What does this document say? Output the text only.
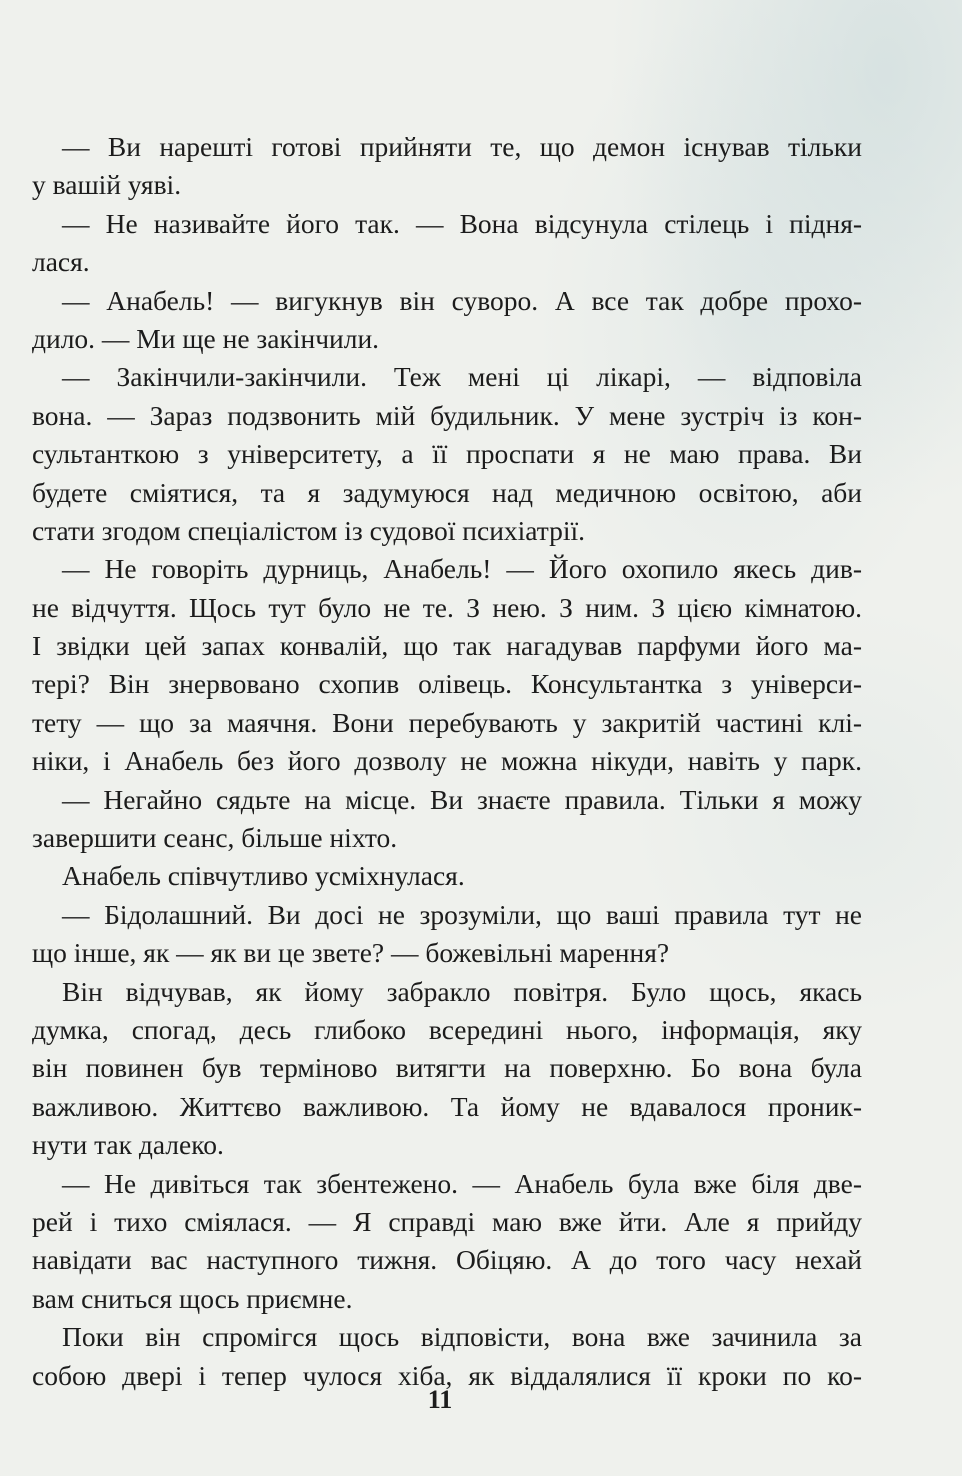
— Ви нарешті готові прийняти те, що демон існував тільки
у вашій уяві.
— Не називайте його так. — Вона відсунула стілець і підня-
лася.
— Анабель! — вигукнув він суворо. А все так добре прохо-
дило. — Ми ще не закінчили.
— Закінчили-закінчили. Теж мені ці лікарі, — відповіла
вона. — Зараз подзвонить мій будильник. У мене зустріч із кон-
сультанткою з університету, а її проспати я не маю права. Ви
будете сміятися, та я задумуюся над медичною освітою, аби
стати згодом спеціалістом із судової психіатрії.
— Не говоріть дурниць, Анабель! — Його охопило якесь див-
не відчуття. Щось тут було не те. З нею. З ним. З цією кімнатою.
І звідки цей запах конвалій, що так нагадував парфуми його ма-
тері? Він знервовано схопив олівець. Консультантка з універси-
тету — що за маячня. Вони перебувають у закритій частині клі-
ніки, і Анабель без його дозволу не можна нікуди, навіть у парк.
— Негайно сядьте на місце. Ви знаєте правила. Тільки я можу
завершити сеанс, більше ніхто.
Анабель співчутливо усміхнулася.
— Бідолашний. Ви досі не зрозуміли, що ваші правила тут не
що інше, як — як ви це звете? — божевільні марення?
Він відчував, як йому забракло повітря. Було щось, якась
думка, спогад, десь глибоко всередині нього, інформація, яку
він повинен був терміново витягти на поверхню. Бо вона була
важливою. Життєво важливою. Та йому не вдавалося проник-
нути так далеко.
— Не дивіться так збентежено. — Анабель була вже біля две-
рей і тихо сміялася. — Я справді маю вже йти. Але я прийду
навідати вас наступного тижня. Обіцяю. А до того часу нехай
вам сниться щось приємне.
Поки він спромігся щось відповісти, вона вже зачинила за
собою двері і тепер чулося хіба, як віддалялися її кроки по ко-
11
